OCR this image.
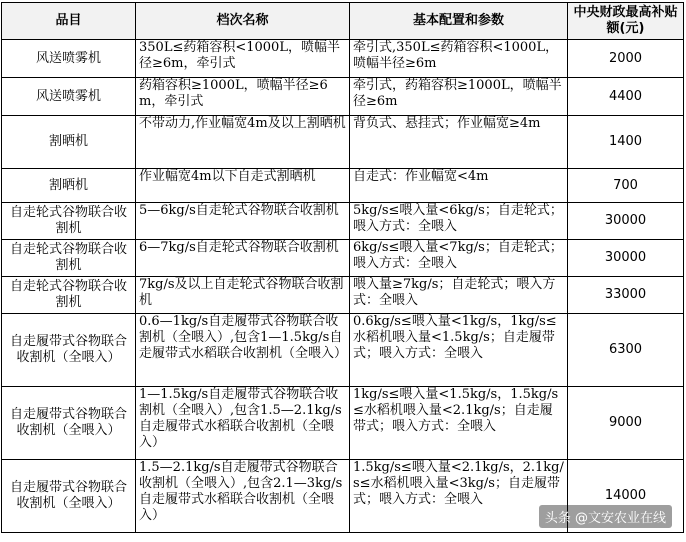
品目	档次名称	基本配置和参数	中央财政最高补贴额(元)
风送喷雾机	350L≤药箱容积<1000L，喷幅半径≥6m，牵引式	牵引式,350L≤药箱容积<1000L，喷幅半径≥6m	2000
风送喷雾机	药箱容积≥1000L，喷幅半径≥6m，牵引式	牵引式，药箱容积≥1000L，喷幅半径≥6m	4400
割晒机	不带动力,作业幅宽4m及以上割晒机	背负式、悬挂式；作业幅宽≥4m	1400
割晒机	作业幅宽4m以下自走式割晒机	自走式：作业幅宽<4m	700
自走轮式谷物联合收割机	5—6kg/s自走轮式谷物联合收割机	5kg/s≤喂入量<6kg/s；自走轮式；喂入方式：全喂入	30000
自走轮式谷物联合收割机	6—7kg/s自走轮式谷物联合收割机	6kg/s≤喂入量<7kg/s；自走轮式；喂入方式：全喂入	30000
自走轮式谷物联合收割机	7kg/s及以上自走轮式谷物联合收割机	喂入量≥7kg/s；自走轮式；喂入方式：全喂入	33000
自走履带式谷物联合收割机（全喂入）	0.6—1kg/s自走履带式谷物联合收割机（全喂入）,包含1—1.5kg/s自走履带式水稻联合收割机（全喂入）	0.6kg/s≤喂入量<1kg/s，1kg/s≤水稻机喂入量<1.5kg/s；自走履带式；喂入方式：全喂入	6300
自走履带式谷物联合收割机（全喂入）	1—1.5kg/s自走履带式谷物联合收割机（全喂入）,包含1.5—2.1kg/s自走履带式水稻联合收割机（全喂入）	1kg/s≤喂入量<1.5kg/s，1.5kg/s≤水稻机喂入量<2.1kg/s；自走履带式；喂入方式：全喂入	9000
自走履带式谷物联合收割机（全喂入）	1.5—2.1kg/s自走履带式谷物联合收割机（全喂入）,包含2.1—3kg/s自走履带式水稻联合收割机（全喂入）	1.5kg/s≤喂入量<2.1kg/s，2.1kg/s≤水稻机喂入量<3kg/s；自走履带式；喂入方式：全喂入	14000
头条 @文安农业在线
